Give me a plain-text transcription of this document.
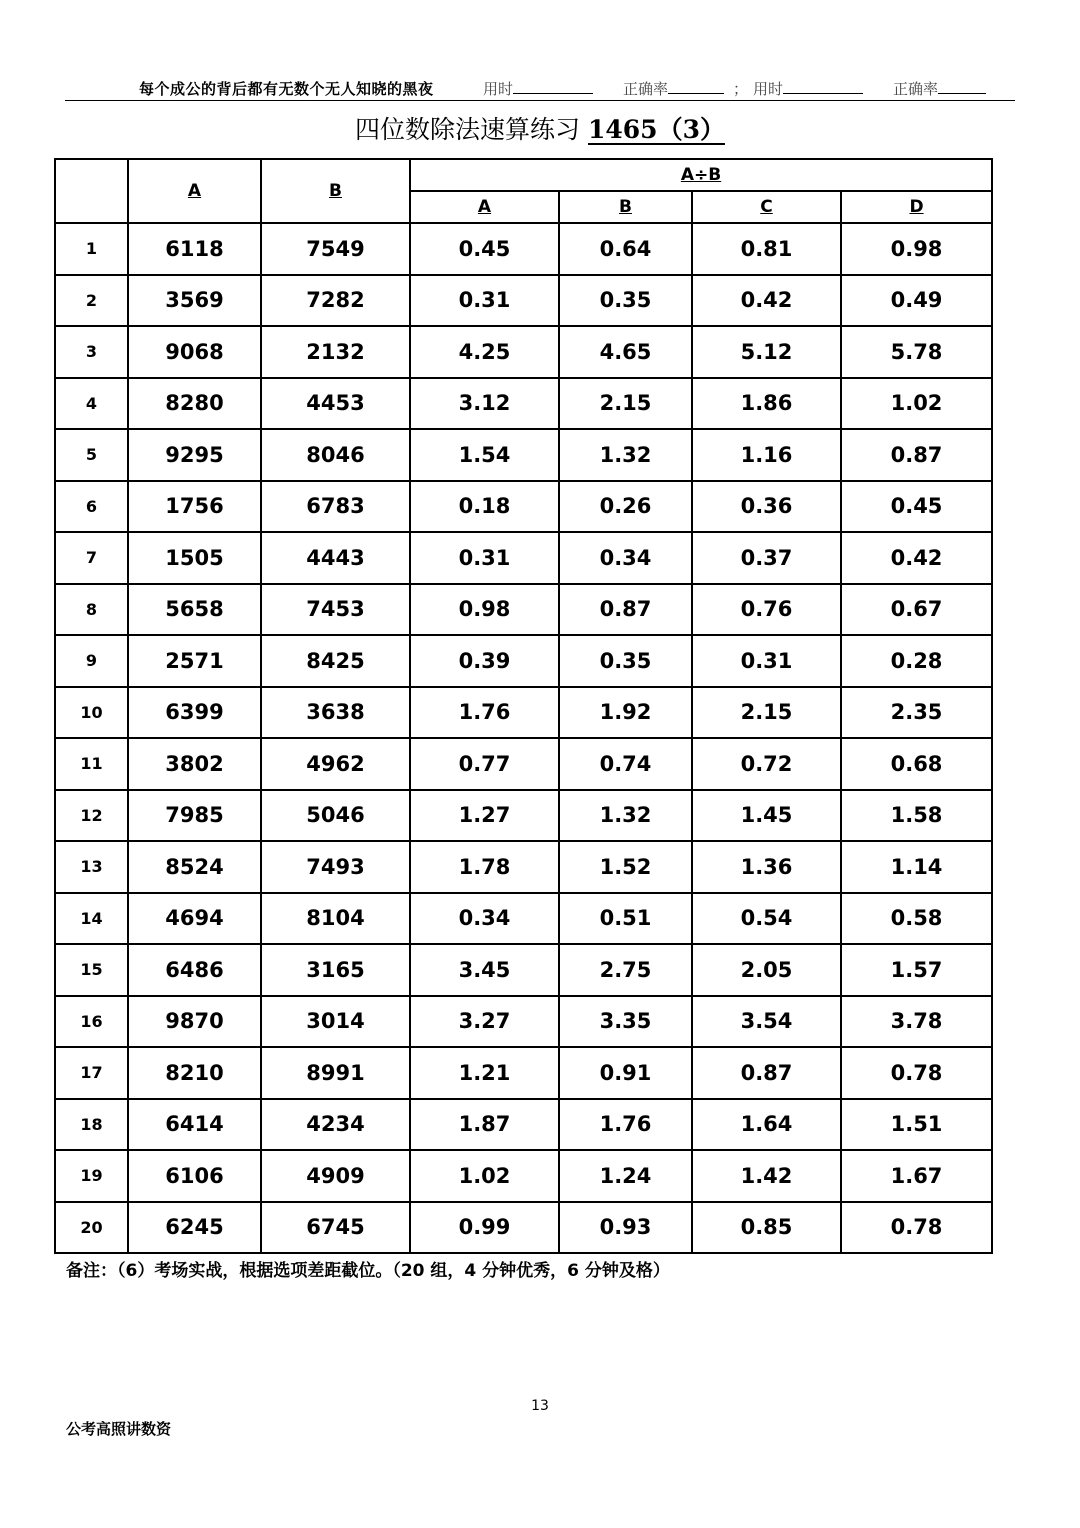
每个成公的背后都有无数个无人知晓的黑夜	用时	正确率	； 用时	正确率
四位数除法速算练习 1465（3）
	A	B	A÷B			
			A	B	C	D
1	6118	7549	0.45	0.64	0.81	0.98
2	3569	7282	0.31	0.35	0.42	0.49
3	9068	2132	4.25	4.65	5.12	5.78
4	8280	4453	3.12	2.15	1.86	1.02
5	9295	8046	1.54	1.32	1.16	0.87
6	1756	6783	0.18	0.26	0.36	0.45
7	1505	4443	0.31	0.34	0.37	0.42
8	5658	7453	0.98	0.87	0.76	0.67
9	2571	8425	0.39	0.35	0.31	0.28
10	6399	3638	1.76	1.92	2.15	2.35
11	3802	4962	0.77	0.74	0.72	0.68
12	7985	5046	1.27	1.32	1.45	1.58
13	8524	7493	1.78	1.52	1.36	1.14
14	4694	8104	0.34	0.51	0.54	0.58
15	6486	3165	3.45	2.75	2.05	1.57
16	9870	3014	3.27	3.35	3.54	3.78
17	8210	8991	1.21	0.91	0.87	0.78
18	6414	4234	1.87	1.76	1.64	1.51
19	6106	4909	1.02	1.24	1.42	1.67
20	6245	6745	0.99	0.93	0.85	0.78
备注：（6）考场实战，根据选项差距截位。（20 组，4 分钟优秀，6 分钟及格）
13
公考高照讲数资
